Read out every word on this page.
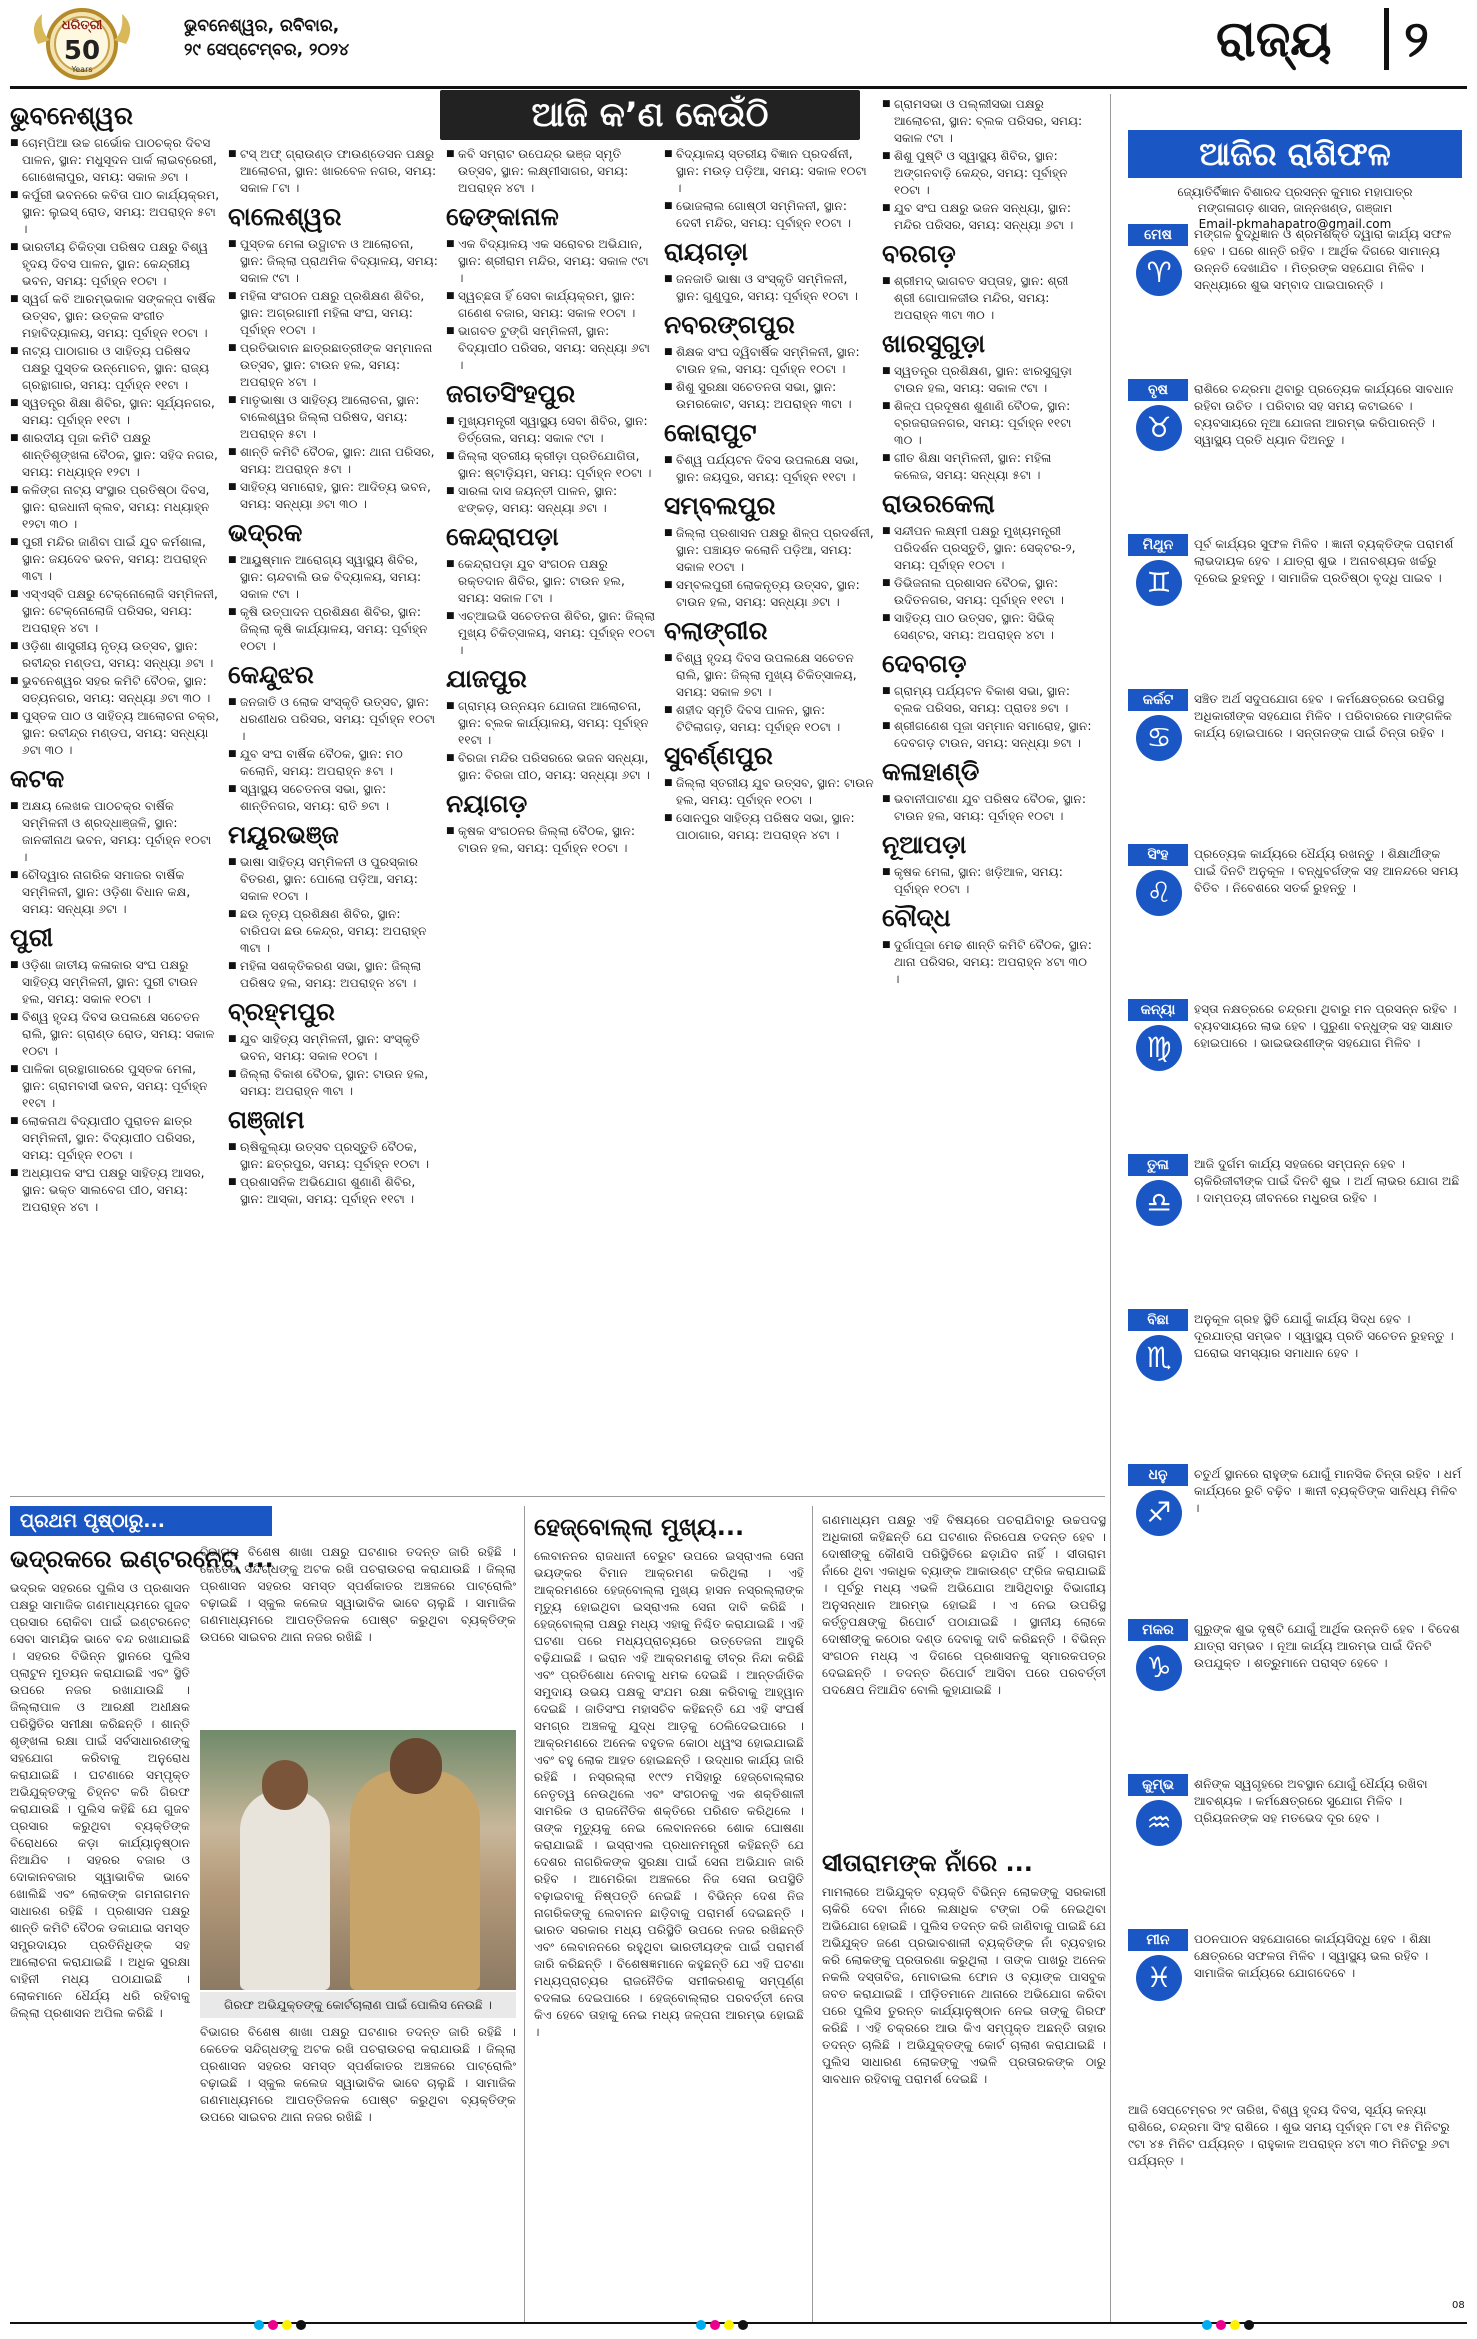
ଧରିତ୍ରୀ
50
Years
ଭୁବନେଶ୍ୱର, ରବିବାର,
୨୯ ସେପ୍ଟେମ୍ବର, ୨୦୨୪	ରାଜ୍ୟ ୨
ଆଜି କ’ଣ କେଉଁଠି
ଭୁବନେଶ୍ୱର
■ ଚୋମ୍ପିଆ ଉଚ୍ଚ ଗର୍ଭୋକ ପାଠଚକ୍ର ଦିବସ ପାଳନ, ସ୍ଥାନ: ମଧୁସୂଦନ ପାର୍କ ଲାଇବ୍ରେରୀ, ଗୋଖେଲାପୁର, ସମୟ: ସକାଳ ୬ଟା ।
■ କର୍ପୁରୀ ଭବନରେ କବିତା ପାଠ କାର୍ଯ୍ୟକ୍ରମ, ସ୍ଥାନ: ଲୁଇସ୍ ରୋଡ, ସମୟ: ଅପରାହ୍ନ ୫ଟା ।
■ ଭାରତୀୟ ଚିକିତ୍ସା ପରିଷଦ ପକ୍ଷରୁ ବିଶ୍ୱ ହୃଦୟ ଦିବସ ପାଳନ, ସ୍ଥାନ: କେନ୍ଦ୍ରୀୟ ଭବନ, ସମୟ: ପୂର୍ବାହ୍ନ ୧୦ଟା ।
■ ସ୍ୱର୍ଗ କବି ଆରମ୍ଭକାଳ ସଙ୍କଳ୍ପ ବାର୍ଷିକ ଉତ୍ସବ, ସ୍ଥାନ: ଉତ୍କଳ ସଂଗୀତ ମହାବିଦ୍ୟାଳୟ, ସମୟ: ପୂର୍ବାହ୍ନ ୧୦ଟା ।
■ ନାଟ୍ୟ ପାଠାଗାର ଓ ସାହିତ୍ୟ ପରିଷଦ ପକ୍ଷରୁ ପୁସ୍ତକ ଉନ୍ମୋଚନ, ସ୍ଥାନ: ରାଜ୍ୟ ଗ୍ରନ୍ଥାଗାର, ସମୟ: ପୂର୍ବାହ୍ନ ୧୧ଟା ।
■ ସ୍ୱତନ୍ତ୍ର ଶିକ୍ଷା ଶିବିର, ସ୍ଥାନ: ସୂର୍ଯ୍ୟନଗର, ସମୟ: ପୂର୍ବାହ୍ନ ୧୧ଟା ।
■ ଶାରଦୀୟ ପୂଜା କମିଟି ପକ୍ଷରୁ ଶାନ୍ତିଶୃଙ୍ଖଳା ବୈଠକ, ସ୍ଥାନ: ସହିଦ ନଗର, ସମୟ: ମଧ୍ୟାହ୍ନ ୧୨ଟା ।
■ କଳିଙ୍ଗ ନାଟ୍ୟ ସଂସ୍ଥାର ପ୍ରତିଷ୍ଠା ଦିବସ, ସ୍ଥାନ: ରାଜଧାନୀ କ୍ଲବ, ସମୟ: ମଧ୍ୟାହ୍ନ ୧୨ଟା ୩୦ ।
■ ପୁରୀ ମନ୍ଦିର ଜାଣିବା ପାଇଁ ଯୁବ କର୍ମଶାଳା, ସ୍ଥାନ: ଜୟଦେବ ଭବନ, ସମୟ: ଅପରାହ୍ନ ୩ଟା ।
■ ଏସ୍‌ଏସ୍‌ବି ପକ୍ଷରୁ ଟେକ୍ନୋଲୋଜି ସମ୍ମିଳନୀ, ସ୍ଥାନ: ଟେକ୍ନୋଲୋଜି ପରିସର, ସମୟ: ଅପରାହ୍ନ ୪ଟା ।
■ ଓଡ଼ିଶା ଶାସ୍ତ୍ରୀୟ ନୃତ୍ୟ ଉତ୍ସବ, ସ୍ଥାନ: ରବୀନ୍ଦ୍ର ମଣ୍ଡପ, ସମୟ: ସନ୍ଧ୍ୟା ୬ଟା ।
■ ଭୁବନେଶ୍ୱର ସହର କମିଟି ବୈଠକ, ସ୍ଥାନ: ସତ୍ୟନଗର, ସମୟ: ସନ୍ଧ୍ୟା ୬ଟା ୩୦ ।
■ ପୁସ୍ତକ ପାଠ ଓ ସାହିତ୍ୟ ଆଲୋଚନା ଚକ୍ର, ସ୍ଥାନ: ରବୀନ୍ଦ୍ର ମଣ୍ଡପ, ସମୟ: ସନ୍ଧ୍ୟା ୬ଟା ୩୦ ।
କଟକ
■ ଅକ୍ଷୟ ଲେଖକ ପାଠଚକ୍ର ବାର୍ଷିକ ସମ୍ମିଳନୀ ଓ ଶ୍ରଦ୍ଧାଞ୍ଜଳି, ସ୍ଥାନ: ଜାନକୀନାଥ ଭବନ, ସମୟ: ପୂର୍ବାହ୍ନ ୧୦ଟା ।
■ ଚୌଦ୍ୱାର ନାଗରିକ ସମାଜର ବାର୍ଷିକ ସମ୍ମିଳନୀ, ସ୍ଥାନ: ଓଡ଼ିଶା ବିଧାନ କକ୍ଷ, ସମୟ: ସନ୍ଧ୍ୟା ୬ଟା ।
ପୁରୀ
■ ଓଡ଼ିଶା ଜାତୀୟ କଳାକାର ସଂଘ ପକ୍ଷରୁ ସାହିତ୍ୟ ସମ୍ମିଳନୀ, ସ୍ଥାନ: ପୁରୀ ଟାଉନ ହଲ, ସମୟ: ସକାଳ ୧୦ଟା ।
■ ବିଶ୍ୱ ହୃଦୟ ଦିବସ ଉପଲକ୍ଷେ ସଚେତନ ରାଲି, ସ୍ଥାନ: ଗ୍ରାଣ୍ଡ ରୋଡ, ସମୟ: ସକାଳ ୧୦ଟା ।
■ ପାଳିକା ଗ୍ରନ୍ଥାଗାରରେ ପୁସ୍ତକ ମେଳା, ସ୍ଥାନ: ଗ୍ରାମବାସୀ ଭବନ, ସମୟ: ପୂର୍ବାହ୍ନ ୧୧ଟା ।
■ ଲୋକନାଥ ବିଦ୍ୟାପୀଠ ପୁରାତନ ଛାତ୍ର ସମ୍ମିଳନୀ, ସ୍ଥାନ: ବିଦ୍ୟାପୀଠ ପରିସର, ସମୟ: ପୂର୍ବାହ୍ନ ୧୦ଟା ।
■ ଅଧ୍ୟାପକ ସଂଘ ପକ୍ଷରୁ ସାହିତ୍ୟ ଆସର, ସ୍ଥାନ: ଭକ୍ତ ସାଲବେଗ ପୀଠ, ସମୟ: ଅପରାହ୍ନ ୪ଟା ।
■ ଟସ୍ ଅଫ୍ ଗ୍ରାଉଣ୍ଡ ଫାଉଣ୍ଡେସନ ପକ୍ଷରୁ ଆଲୋଚନା, ସ୍ଥାନ: ଖାରବେଳ ନଗର, ସମୟ: ସକାଳ ୮ଟା ।
ବାଲେଶ୍ୱର
■ ପୁସ୍ତକ ମେଳା ଉଦ୍ଘାଟନ ଓ ଆଲୋଚନା, ସ୍ଥାନ: ଜିଲ୍ଲା ପ୍ରାଥମିକ ବିଦ୍ୟାଳୟ, ସମୟ: ସକାଳ ୯ଟା ।
■ ମହିଳା ସଂଗଠନ ପକ୍ଷରୁ ପ୍ରଶିକ୍ଷଣ ଶିବିର, ସ୍ଥାନ: ଅଗ୍ରଗାମୀ ମହିଳା ସଂଘ, ସମୟ: ପୂର୍ବାହ୍ନ ୧୦ଟା ।
■ ପ୍ରତିଭାବାନ ଛାତ୍ରଛାତ୍ରୀଙ୍କ ସମ୍ମାନନା ଉତ୍ସବ, ସ୍ଥାନ: ଟାଉନ ହଲ, ସମୟ: ଅପରାହ୍ନ ୪ଟା ।
■ ମାତୃଭାଷା ଓ ସାହିତ୍ୟ ଆଲୋଚନା, ସ୍ଥାନ: ବାଲେଶ୍ୱର ଜିଲ୍ଲା ପରିଷଦ, ସମୟ: ଅପରାହ୍ନ ୫ଟା ।
■ ଶାନ୍ତି କମିଟି ବୈଠକ, ସ୍ଥାନ: ଥାନା ପରିସର, ସମୟ: ଅପରାହ୍ନ ୫ଟା ।
■ ସାହିତ୍ୟ ସମାରୋହ, ସ୍ଥାନ: ଆଦିତ୍ୟ ଭବନ, ସମୟ: ସନ୍ଧ୍ୟା ୬ଟା ୩୦ ।
ଭଦ୍ରକ
■ ଆୟୁଷ୍ମାନ ଆରୋଗ୍ୟ ସ୍ୱାସ୍ଥ୍ୟ ଶିବିର, ସ୍ଥାନ: ଚାନ୍ଦବାଲି ଉଚ୍ଚ ବିଦ୍ୟାଳୟ, ସମୟ: ସକାଳ ୯ଟା ।
■ କୃଷି ଉତ୍ପାଦନ ପ୍ରଶିକ୍ଷଣ ଶିବିର, ସ୍ଥାନ: ଜିଲ୍ଲା କୃଷି କାର୍ଯ୍ୟାଳୟ, ସମୟ: ପୂର୍ବାହ୍ନ ୧୦ଟା ।
କେନ୍ଦୁଝର
■ ଜନଜାତି ଓ ଲୋକ ସଂସ୍କୃତି ଉତ୍ସବ, ସ୍ଥାନ: ଧରଣୀଧର ପରିସର, ସମୟ: ପୂର୍ବାହ୍ନ ୧୦ଟା ।
■ ଯୁବ ସଂଘ ବାର୍ଷିକ ବୈଠକ, ସ୍ଥାନ: ମଠ କଲୋନି, ସମୟ: ଅପରାହ୍ନ ୫ଟା ।
■ ସ୍ୱାସ୍ଥ୍ୟ ସଚେତନତା ସଭା, ସ୍ଥାନ: ଶାନ୍ତିନଗର, ସମୟ: ରାତି ୭ଟା ।
ମୟୂରଭଞ୍ଜ
■ ଭାଷା ସାହିତ୍ୟ ସମ୍ମିଳନୀ ଓ ପୁରସ୍କାର ବିତରଣ, ସ୍ଥାନ: ପୋଲୋ ପଡ଼ିଆ, ସମୟ: ସକାଳ ୧୦ଟା ।
■ ଛଉ ନୃତ୍ୟ ପ୍ରଶିକ୍ଷଣ ଶିବିର, ସ୍ଥାନ: ବାରିପଦା ଛଉ କେନ୍ଦ୍ର, ସମୟ: ଅପରାହ୍ନ ୩ଟା ।
■ ମହିଳା ସଶକ୍ତିକରଣ ସଭା, ସ୍ଥାନ: ଜିଲ୍ଲା ପରିଷଦ ହଲ, ସମୟ: ଅପରାହ୍ନ ୪ଟା ।
ବ୍ରହ୍ମପୁର
■ ଯୁବ ସାହିତ୍ୟ ସମ୍ମିଳନୀ, ସ୍ଥାନ: ସଂସ୍କୃତି ଭବନ, ସମୟ: ସକାଳ ୧୦ଟା ।
■ ଜିଲ୍ଲା ବିକାଶ ବୈଠକ, ସ୍ଥାନ: ଟାଉନ ହଲ, ସମୟ: ଅପରାହ୍ନ ୩ଟା ।
ଗଞ୍ଜାମ
■ ଋଷିକୁଲ୍ୟା ଉତ୍ସବ ପ୍ରସ୍ତୁତି ବୈଠକ, ସ୍ଥାନ: ଛତ୍ରପୁର, ସମୟ: ପୂର୍ବାହ୍ନ ୧୦ଟା ।
■ ପ୍ରଶାସନିକ ଅଭିଯୋଗ ଶୁଣାଣି ଶିବିର, ସ୍ଥାନ: ଆସ୍କା, ସମୟ: ପୂର୍ବାହ୍ନ ୧୧ଟା ।
■ କବି ସମ୍ରାଟ ଉପେନ୍ଦ୍ର ଭଞ୍ଜ ସ୍ମୃତି ଉତ୍ସବ, ସ୍ଥାନ: ଲକ୍ଷ୍ମୀସାଗର, ସମୟ: ଅପରାହ୍ନ ୪ଟା ।
ଢେଙ୍କାନାଳ
■ ଏକ ବିଦ୍ୟାଳୟ ଏକ ସରୋବର ଅଭିଯାନ, ସ୍ଥାନ: ଶ୍ରୀରାମ ମନ୍ଦିର, ସମୟ: ସକାଳ ୯ଟା ।
■ ସ୍ୱଚ୍ଛତା ହିଁ ସେବା କାର୍ଯ୍ୟକ୍ରମ, ସ୍ଥାନ: ଗଣେଶ ବଜାର, ସମୟ: ସକାଳ ୧୦ଟା ।
■ ଭାଗବତ ଟୁଙ୍ଗି ସମ୍ମିଳନୀ, ସ୍ଥାନ: ବିଦ୍ୟାପୀଠ ପରିସର, ସମୟ: ସନ୍ଧ୍ୟା ୬ଟା ।
ଜଗତସିଂହପୁର
■ ମୁଖ୍ୟମନ୍ତ୍ରୀ ସ୍ୱାସ୍ଥ୍ୟ ସେବା ଶିବିର, ସ୍ଥାନ: ତିର୍ତ୍ତୋଲ, ସମୟ: ସକାଳ ୯ଟା ।
■ ଜିଲ୍ଲା ସ୍ତରୀୟ କ୍ରୀଡ଼ା ପ୍ରତିଯୋଗିତା, ସ୍ଥାନ: ଷ୍ଟାଡ଼ିୟମ, ସମୟ: ପୂର୍ବାହ୍ନ ୧୦ଟା ।
■ ସାରଳା ଦାସ ଜୟନ୍ତୀ ପାଳନ, ସ୍ଥାନ: ଝଙ୍କଡ଼, ସମୟ: ସନ୍ଧ୍ୟା ୬ଟା ।
କେନ୍ଦ୍ରାପଡ଼ା
■ କେନ୍ଦ୍ରାପଡ଼ା ଯୁବ ସଂଗଠନ ପକ୍ଷରୁ ରକ୍ତଦାନ ଶିବିର, ସ୍ଥାନ: ଟାଉନ ହଲ, ସମୟ: ସକାଳ ୮ଟା ।
■ ଏଚ୍ଆଇଭି ସଚେତନତା ଶିବିର, ସ୍ଥାନ: ଜିଲ୍ଲା ମୁଖ୍ୟ ଚିକିତ୍ସାଳୟ, ସମୟ: ପୂର୍ବାହ୍ନ ୧୦ଟା ।
ଯାଜପୁର
■ ଗ୍ରାମ୍ୟ ଉନ୍ନୟନ ଯୋଜନା ଆଲୋଚନା, ସ୍ଥାନ: ବ୍ଲକ କାର୍ଯ୍ୟାଳୟ, ସମୟ: ପୂର୍ବାହ୍ନ ୧୧ଟା ।
■ ବିରଜା ମନ୍ଦିର ପରିସରରେ ଭଜନ ସନ୍ଧ୍ୟା, ସ୍ଥାନ: ବିରଜା ପୀଠ, ସମୟ: ସନ୍ଧ୍ୟା ୬ଟା ।
ନୟାଗଡ଼
■ କୃଷକ ସଂଗଠନର ଜିଲ୍ଲା ବୈଠକ, ସ୍ଥାନ: ଟାଉନ ହଲ, ସମୟ: ପୂର୍ବାହ୍ନ ୧୦ଟା ।
■ ବିଦ୍ୟାଳୟ ସ୍ତରୀୟ ବିଜ୍ଞାନ ପ୍ରଦର୍ଶନୀ, ସ୍ଥାନ: ମଉଡ଼ ପଡ଼ିଆ, ସମୟ: ସକାଳ ୧୦ଟା ।
■ ଭୋଜଲାଲ ଗୋଷ୍ଠୀ ସମ୍ମିଳନୀ, ସ୍ଥାନ: ଦେବୀ ମନ୍ଦିର, ସମୟ: ପୂର୍ବାହ୍ନ ୧୦ଟା ।
ରାୟଗଡ଼ା
■ ଜନଜାତି ଭାଷା ଓ ସଂସ୍କୃତି ସମ୍ମିଳନୀ, ସ୍ଥାନ: ଗୁଣୁପୁର, ସମୟ: ପୂର୍ବାହ୍ନ ୧୦ଟା ।
ନବରଙ୍ଗପୁର
■ ଶିକ୍ଷକ ସଂଘ ଦ୍ୱିବାର୍ଷିକ ସମ୍ମିଳନୀ, ସ୍ଥାନ: ଟାଉନ ହଲ, ସମୟ: ପୂର୍ବାହ୍ନ ୧୦ଟା ।
■ ଶିଶୁ ସୁରକ୍ଷା ସଚେତନତା ସଭା, ସ୍ଥାନ: ଉମରକୋଟ, ସମୟ: ଅପରାହ୍ନ ୩ଟା ।
କୋରାପୁଟ
■ ବିଶ୍ୱ ପର୍ଯ୍ୟଟନ ଦିବସ ଉପଲକ୍ଷେ ସଭା, ସ୍ଥାନ: ଜୟପୁର, ସମୟ: ପୂର୍ବାହ୍ନ ୧୧ଟା ।
ସମ୍ବଲପୁର
■ ଜିଲ୍ଲା ପ୍ରଶାସନ ପକ୍ଷରୁ ଶିଳ୍ପ ପ୍ରଦର୍ଶନୀ, ସ୍ଥାନ: ପଞ୍ଚାୟତ କଲୋନି ପଡ଼ିଆ, ସମୟ: ସକାଳ ୧୦ଟା ।
■ ସମ୍ବଲପୁରୀ ଲୋକନୃତ୍ୟ ଉତ୍ସବ, ସ୍ଥାନ: ଟାଉନ ହଲ, ସମୟ: ସନ୍ଧ୍ୟା ୬ଟା ।
ବଲାଙ୍ଗୀର
■ ବିଶ୍ୱ ହୃଦୟ ଦିବସ ଉପଲକ୍ଷେ ସଚେତନ ରାଲି, ସ୍ଥାନ: ଜିଲ୍ଲା ମୁଖ୍ୟ ଚିକିତ୍ସାଳୟ, ସମୟ: ସକାଳ ୭ଟା ।
■ ଶହୀଦ ସ୍ମୃତି ଦିବସ ପାଳନ, ସ୍ଥାନ: ଟିଟିଲାଗଡ଼, ସମୟ: ପୂର୍ବାହ୍ନ ୧୦ଟା ।
ସୁବର୍ଣ୍ଣପୁର
■ ଜିଲ୍ଲା ସ୍ତରୀୟ ଯୁବ ଉତ୍ସବ, ସ୍ଥାନ: ଟାଉନ ହଲ, ସମୟ: ପୂର୍ବାହ୍ନ ୧୦ଟା ।
■ ସୋନପୁର ସାହିତ୍ୟ ପରିଷଦ ସଭା, ସ୍ଥାନ: ପାଠାଗାର, ସମୟ: ଅପରାହ୍ନ ୪ଟା ।
■ ଗ୍ରାମସଭା ଓ ପଲ୍ଲୀସଭା ପକ୍ଷରୁ ଆଲୋଚନା, ସ୍ଥାନ: ବ୍ଲକ ପରିସର, ସମୟ: ସକାଳ ୯ଟା ।
■ ଶିଶୁ ପୁଷ୍ଟି ଓ ସ୍ୱାସ୍ଥ୍ୟ ଶିବିର, ସ୍ଥାନ: ଅଙ୍ଗନବାଡ଼ି କେନ୍ଦ୍ର, ସମୟ: ପୂର୍ବାହ୍ନ ୧୦ଟା ।
■ ଯୁବ ସଂଘ ପକ୍ଷରୁ ଭଜନ ସନ୍ଧ୍ୟା, ସ୍ଥାନ: ମନ୍ଦିର ପରିସର, ସମୟ: ସନ୍ଧ୍ୟା ୬ଟା ।
ବରଗଡ଼
■ ଶ୍ରୀମଦ୍ ଭାଗବତ ସପ୍ତାହ, ସ୍ଥାନ: ଶ୍ରୀ ଶ୍ରୀ ଗୋପାଳଜୀଉ ମନ୍ଦିର, ସମୟ: ଅପରାହ୍ନ ୩ଟା ୩୦ ।
ଖାରସୁଗୁଡ଼ା
■ ସ୍ୱତନ୍ତ୍ର ପ୍ରଶିକ୍ଷଣ, ସ୍ଥାନ: ଝାରସୁଗୁଡ଼ା ଟାଉନ ହଲ, ସମୟ: ସକାଳ ୯ଟା ।
■ ଶିଳ୍ପ ପ୍ରଦୂଷଣ ଶୁଣାଣି ବୈଠକ, ସ୍ଥାନ: ବ୍ରଜରାଜନଗର, ସମୟ: ପୂର୍ବାହ୍ନ ୧୧ଟା ୩୦ ।
■ ଗୀତ ଶିକ୍ଷା ସମ୍ମିଳନୀ, ସ୍ଥାନ: ମହିଳା କଲେଜ, ସମୟ: ସନ୍ଧ୍ୟା ୫ଟା ।
ରାଉରକେଲା
■ ସନ୍ଦୀପନ ଲକ୍ଷ୍ମୀ ପକ୍ଷରୁ ମୁଖ୍ୟମନ୍ତ୍ରୀ ପରିଦର୍ଶନ ପ୍ରସ୍ତୁତି, ସ୍ଥାନ: ସେକ୍ଟର-୨, ସମୟ: ପୂର୍ବାହ୍ନ ୧୦ଟା ।
■ ଡିଭିଜନାଲ ପ୍ରଶାସନ ବୈଠକ, ସ୍ଥାନ: ଉଦିତନଗର, ସମୟ: ପୂର୍ବାହ୍ନ ୧୧ଟା ।
■ ସାହିତ୍ୟ ପାଠ ଉତ୍ସବ, ସ୍ଥାନ: ସିଭିକ୍ ସେଣ୍ଟର, ସମୟ: ଅପରାହ୍ନ ୪ଟା ।
ଦେବଗଡ଼
■ ଗ୍ରାମ୍ୟ ପର୍ଯ୍ୟଟନ ବିକାଶ ସଭା, ସ୍ଥାନ: ବ୍ଲକ ପରିସର, ସମୟ: ପ୍ରାତଃ ୭ଟା ।
■ ଶ୍ରୀଗଣେଶ ପୂଜା ସମ୍ମାନ ସମାରୋହ, ସ୍ଥାନ: ଦେବଗଡ଼ ଟାଉନ, ସମୟ: ସନ୍ଧ୍ୟା ୭ଟା ।
କଳାହାଣ୍ଡି
■ ଭବାନୀପାଟଣା ଯୁବ ପରିଷଦ ବୈଠକ, ସ୍ଥାନ: ଟାଉନ ହଲ, ସମୟ: ପୂର୍ବାହ୍ନ ୧୦ଟା ।
ନୂଆପଡ଼ା
■ କୃଷକ ମେଳା, ସ୍ଥାନ: ଖଡ଼ିଆଳ, ସମୟ: ପୂର୍ବାହ୍ନ ୧୦ଟା ।
ବୌଦ୍ଧ
■ ଦୁର୍ଗାପୂଜା ମେଢ ଶାନ୍ତି କମିଟି ବୈଠକ, ସ୍ଥାନ: ଥାନା ପରିସର, ସମୟ: ଅପରାହ୍ନ ୪ଟା ୩୦ ।
ଆଜିର ରାଶିଫଳ
ଜ୍ୟୋତିର୍ବିଜ୍ଞାନ ବିଶାରଦ ପ୍ରସନ୍ନ କୁମାର ମହାପାତ୍ର
ମଙ୍ଗଳାଗଡ଼ ଶାସନ, ଜାନ୍ନ‌ଖଣ୍ଡ, ଗଞ୍ଜାମ
Email-pkmahapatro@gmail.com
ମେଷ
♈
ମଙ୍ଗଳ ବୁଦ୍ଧିଜ୍ଞାନ ଓ ଶ୍ରମଶକ୍ତି ଦ୍ୱାରା କାର୍ଯ୍ୟ ସଫଳ ହେବ । ଘରେ ଶାନ୍ତି ରହିବ । ଆର୍ଥିକ ଦିଗରେ ସାମାନ୍ୟ ଉନ୍ନତି ଦେଖାଯିବ । ମିତ୍ରଙ୍କ ସହଯୋଗ ମିଳିବ । ସନ୍ଧ୍ୟାରେ ଶୁଭ ସମ୍ବାଦ ପାଇପାରନ୍ତି ।
ବୃଷ
♉
ରାଶିରେ ଚନ୍ଦ୍ରମା ଥିବାରୁ ପ୍ରତ୍ୟେକ କାର୍ଯ୍ୟରେ ସାବଧାନ ରହିବା ଉଚିତ । ପରିବାର ସହ ସମୟ କଟାଇବେ । ବ୍ୟବସାୟରେ ନୂଆ ଯୋଜନା ଆରମ୍ଭ କରିପାରନ୍ତି । ସ୍ୱାସ୍ଥ୍ୟ ପ୍ରତି ଧ୍ୟାନ ଦିଅନ୍ତୁ ।
ମିଥୁନ
♊
ପୂର୍ବ କାର୍ଯ୍ୟର ସୁଫଳ ମିଳିବ । ଜ୍ଞାନୀ ବ୍ୟକ୍ତିଙ୍କ ପରାମର୍ଶ ଲାଭଦାୟକ ହେବ । ଯାତ୍ରା ଶୁଭ । ଅନାବଶ୍ୟକ ଖର୍ଚ୍ଚରୁ ଦୂରେଇ ରୁହନ୍ତୁ । ସାମାଜିକ ପ୍ରତିଷ୍ଠା ବୃଦ୍ଧି ପାଇବ ।
କର୍କଟ
♋
ସଞ୍ଚିତ ଅର୍ଥ ସଦୁପଯୋଗ ହେବ । କର୍ମକ୍ଷେତ୍ରରେ ଉପରିସ୍ଥ ଅଧିକାରୀଙ୍କ ସହଯୋଗ ମିଳିବ । ପରିବାରରେ ମାଙ୍ଗଳିକ କାର୍ଯ୍ୟ ହୋଇପାରେ । ସନ୍ତାନଙ୍କ ପାଇଁ ଚିନ୍ତା ରହିବ ।
ସିଂହ
♌
ପ୍ରତ୍ୟେକ କାର୍ଯ୍ୟରେ ଧୈର୍ଯ୍ୟ ରଖନ୍ତୁ । ଶିକ୍ଷାର୍ଥୀଙ୍କ ପାଇଁ ଦିନଟି ଅନୁକୂଳ । ବନ୍ଧୁବର୍ଗଙ୍କ ସହ ଆନନ୍ଦରେ ସମୟ ବିତିବ । ନିବେଶରେ ସତର୍କ ରୁହନ୍ତୁ ।
କନ୍ୟା
♍
ହସ୍ତା ନକ୍ଷତ୍ରରେ ଚନ୍ଦ୍ରମା ଥିବାରୁ ମନ ପ୍ରସନ୍ନ ରହିବ । ବ୍ୟବସାୟରେ ଲାଭ ହେବ । ପୁରୁଣା ବନ୍ଧୁଙ୍କ ସହ ସାକ୍ଷାତ ହୋଇପାରେ । ଭାଇଭଉଣୀଙ୍କ ସହଯୋଗ ମିଳିବ ।
ତୁଳା
♎
ଆଜି ଦୁର୍ଗମ କାର୍ଯ୍ୟ ସହଜରେ ସମ୍ପନ୍ନ ହେବ । ଚାକିରିଜୀବୀଙ୍କ ପାଇଁ ଦିନଟି ଶୁଭ । ଅର୍ଥ ଲାଭର ଯୋଗ ଅଛି । ଦାମ୍ପତ୍ୟ ଜୀବନରେ ମଧୁରତା ରହିବ ।
ବିଛା
♏
ଅନୁକୂଳ ଗ୍ରହ ସ୍ଥିତି ଯୋଗୁଁ କାର୍ଯ୍ୟ ସିଦ୍ଧ ହେବ । ଦୂରଯାତ୍ରା ସମ୍ଭବ । ସ୍ୱାସ୍ଥ୍ୟ ପ୍ରତି ସଚେତନ ରୁହନ୍ତୁ । ଘରୋଇ ସମସ୍ୟାର ସମାଧାନ ହେବ ।
ଧନୁ
♐
ଚତୁର୍ଥ ସ୍ଥାନରେ ରାହୁଙ୍କ ଯୋଗୁଁ ମାନସିକ ଚିନ୍ତା ରହିବ । ଧର୍ମ କାର୍ଯ୍ୟରେ ରୁଚି ବଢ଼ିବ । ଜ୍ଞାନୀ ବ୍ୟକ୍ତିଙ୍କ ସାନିଧ୍ୟ ମିଳିବ ।
ମକର
♑
ଗୁରୁଙ୍କ ଶୁଭ ଦୃଷ୍ଟି ଯୋଗୁଁ ଆର୍ଥିକ ଉନ୍ନତି ହେବ । ବିଦେଶ ଯାତ୍ରା ସମ୍ଭବ । ନୂଆ କାର୍ଯ୍ୟ ଆରମ୍ଭ ପାଇଁ ଦିନଟି ଉପଯୁକ୍ତ । ଶତ୍ରୁମାନେ ପରାସ୍ତ ହେବେ ।
କୁମ୍ଭ
♒
ଶନିଙ୍କ ସ୍ୱଗୃହରେ ଅବସ୍ଥାନ ଯୋଗୁଁ ଧୈର୍ଯ୍ୟ ରଖିବା ଆବଶ୍ୟକ । କର୍ମକ୍ଷେତ୍ରରେ ସୁଯୋଗ ମିଳିବ । ପ୍ରିୟଜନଙ୍କ ସହ ମତଭେଦ ଦୂର ହେବ ।
ମୀନ
♓
ପଠନପାଠନ ସହଯୋଗରେ କାର୍ଯ୍ୟସିଦ୍ଧି ହେବ । ଶିକ୍ଷା କ୍ଷେତ୍ରରେ ସଫଳତା ମିଳିବ । ସ୍ୱାସ୍ଥ୍ୟ ଭଲ ରହିବ । ସାମାଜିକ କାର୍ଯ୍ୟରେ ଯୋଗଦେବେ ।
ଆଜି ସେପ୍ଟେମ୍ବର ୨୯ ତାରିଖ, ବିଶ୍ୱ ହୃଦୟ ଦିବସ, ସୂର୍ଯ୍ୟ କନ୍ୟା ରାଶିରେ, ଚନ୍ଦ୍ରମା ସିଂହ ରାଶିରେ । ଶୁଭ ସମୟ ପୂର୍ବାହ୍ନ ୮ଟା ୧୫ ମିନିଟରୁ ୯ଟା ୪୫ ମିନିଟ ପର୍ଯ୍ୟନ୍ତ । ରାହୁକାଳ ଅପରାହ୍ନ ୪ଟା ୩୦ ମିନିଟରୁ ୬ଟା ପର୍ଯ୍ୟନ୍ତ ।
ପ୍ରଥମ ପୃଷ୍ଠାରୁ...
ଭଦ୍ରକରେ ଇଣ୍ଟରନେଟ୍ ...
ଭଦ୍ରକ ସହରରେ ପୁଲିସ ଓ ପ୍ରଶାସନ ପକ୍ଷରୁ ସାମାଜିକ ଗଣମାଧ୍ୟମରେ ଗୁଜବ ପ୍ରସାର ରୋକିବା ପାଇଁ ଇଣ୍ଟରନେଟ୍ ସେବା ସାମୟିକ ଭାବେ ବନ୍ଦ ରଖାଯାଇଛି । ସହରର ବିଭିନ୍ନ ସ୍ଥାନରେ ପୁଲିସ ପ୍ଲାଟୁନ ମୁତୟନ କରାଯାଇଛି ଏବଂ ସ୍ଥିତି ଉପରେ ନଜର ରଖାଯାଉଛି । ଜିଲ୍ଲାପାଳ ଓ ଆରକ୍ଷୀ ଅଧୀକ୍ଷକ ପରିସ୍ଥିତିର ସମୀକ୍ଷା କରିଛନ୍ତି । ଶାନ୍ତି ଶୃଙ୍ଖଳା ରକ୍ଷା ପାଇଁ ସର୍ବସାଧାରଣଙ୍କୁ ସହଯୋଗ କରିବାକୁ ଅନୁରୋଧ କରାଯାଇଛି । ଘଟଣାରେ ସମ୍ପୃକ୍ତ ଅଭିଯୁକ୍ତଙ୍କୁ ଚିହ୍ନଟ କରି ଗିରଫ କରାଯାଉଛି । ପୁଲିସ କହିଛି ଯେ ଗୁଜବ ପ୍ରସାର କରୁଥିବା ବ୍ୟକ୍ତିଙ୍କ ବିରୋଧରେ କଡ଼ା କାର୍ଯ୍ୟାନୁଷ୍ଠାନ ନିଆଯିବ । ସହରର ବଜାର ଓ ଦୋକାନବଜାର ସ୍ୱାଭାବିକ ଭାବେ ଖୋଲିଛି ଏବଂ ଲୋକଙ୍କ ଗମନାଗମନ ସାଧାରଣ ରହିଛି । ପ୍ରଶାସନ ପକ୍ଷରୁ ଶାନ୍ତି କମିଟି ବୈଠକ ଡକାଯାଇ ସମସ୍ତ ସମ୍ପ୍ରଦାୟର ପ୍ରତିନିଧିଙ୍କ ସହ ଆଲୋଚନା କରାଯାଇଛି । ଅଧିକ ସୁରକ୍ଷା ବାହିନୀ ମଧ୍ୟ ପଠାଯାଇଛି । ଲୋକମାନେ ଧୈର୍ଯ୍ୟ ଧରି ରହିବାକୁ ଜିଲ୍ଲା ପ୍ରଶାସନ ଅପିଲ କରିଛି ।
ବିଭାଗର ବିଶେଷ ଶାଖା ପକ୍ଷରୁ ଘଟଣାର ତଦନ୍ତ ଜାରି ରହିଛି । କେତେକ ସନ୍ଦିଗ୍ଧଙ୍କୁ ଅଟକ ରଖି ପଚରାଉଚରା କରାଯାଉଛି । ଜିଲ୍ଲା ପ୍ରଶାସନ ସହରର ସମସ୍ତ ସ୍ପର୍ଶକାତର ଅଞ୍ଚଳରେ ପାଟ୍ରୋଲିଂ ବଢ଼ାଇଛି । ସ୍କୁଲ କଲେଜ ସ୍ୱାଭାବିକ ଭାବେ ଚାଲୁଛି । ସାମାଜିକ ଗଣମାଧ୍ୟମରେ ଆପତ୍ତିଜନକ ପୋଷ୍ଟ କରୁଥିବା ବ୍ୟକ୍ତିଙ୍କ ଉପରେ ସାଇବର ଥାନା ନଜର ରଖିଛି ।
ଗିରଫ ଅଭିଯୁକ୍ତଙ୍କୁ କୋର୍ଟଚାଲାଣ ପାଇଁ ପୋଲିସ ନେଉଛି ।
ବିଭାଗର ବିଶେଷ ଶାଖା ପକ୍ଷରୁ ଘଟଣାର ତଦନ୍ତ ଜାରି ରହିଛି । କେତେକ ସନ୍ଦିଗ୍ଧଙ୍କୁ ଅଟକ ରଖି ପଚରାଉଚରା କରାଯାଉଛି । ଜିଲ୍ଲା ପ୍ରଶାସନ ସହରର ସମସ୍ତ ସ୍ପର୍ଶକାତର ଅଞ୍ଚଳରେ ପାଟ୍ରୋଲିଂ ବଢ଼ାଇଛି । ସ୍କୁଲ କଲେଜ ସ୍ୱାଭାବିକ ଭାବେ ଚାଲୁଛି । ସାମାଜିକ ଗଣମାଧ୍ୟମରେ ଆପତ୍ତିଜନକ ପୋଷ୍ଟ କରୁଥିବା ବ୍ୟକ୍ତିଙ୍କ ଉପରେ ସାଇବର ଥାନା ନଜର ରଖିଛି ।
ହେଜ୍‌ବୋଲ୍ଲା ମୁଖ୍ୟ...
ଲେବାନନର ରାଜଧାନୀ ବେରୁଟ ଉପରେ ଇସ୍ରାଏଲ ସେନା ଭୟଙ୍କର ବିମାନ ଆକ୍ରମଣ କରିଥିଲା । ଏହି ଆକ୍ରମଣରେ ହେଜ୍‌ବୋଲ୍ଲା ମୁଖ୍ୟ ହାସନ ନସ୍‌ରଲ୍ଲାଙ୍କ ମୃତ୍ୟୁ ହୋଇଥିବା ଇସ୍ରାଏଲ ସେନା ଦାବି କରିଛି । ହେଜ୍‌ବୋଲ୍ଲା ପକ୍ଷରୁ ମଧ୍ୟ ଏହାକୁ ନିଶ୍ଚିତ କରାଯାଇଛି । ଏହି ଘଟଣା ପରେ ମଧ୍ୟପ୍ରାଚ୍ୟରେ ଉତ୍ତେଜନା ଆହୁରି ବଢ଼ିଯାଇଛି । ଇରାନ ଏହି ଆକ୍ରମଣକୁ ତୀବ୍ର ନିନ୍ଦା କରିଛି ଏବଂ ପ୍ରତିଶୋଧ ନେବାକୁ ଧମକ ଦେଇଛି । ଆନ୍ତର୍ଜାତିକ ସମୁଦାୟ ଉଭୟ ପକ୍ଷକୁ ସଂଯମ ରକ୍ଷା କରିବାକୁ ଆହ୍ୱାନ ଦେଇଛି । ଜାତିସଂଘ ମହାସଚିବ କହିଛନ୍ତି ଯେ ଏହି ସଂଘର୍ଷ ସମଗ୍ର ଅଞ୍ଚଳକୁ ଯୁଦ୍ଧ ଆଡ଼କୁ ଠେଲିଦେଇପାରେ । ଆକ୍ରମଣରେ ଅନେକ ବହୁତଳ କୋଠା ଧ୍ୱଂସ ହୋଇଯାଇଛି ଏବଂ ବହୁ ଲୋକ ଆହତ ହୋଇଛନ୍ତି । ଉଦ୍ଧାର କାର୍ଯ୍ୟ ଜାରି ରହିଛି । ନସ୍‌ରଲ୍ଲା ୧୯୯୨ ମସିହାରୁ ହେଜ୍‌ବୋଲ୍ଲାର ନେତୃତ୍ୱ ନେଉଥିଲେ ଏବଂ ସଂଗଠନକୁ ଏକ ଶକ୍ତିଶାଳୀ ସାମରିକ ଓ ରାଜନୈତିକ ଶକ୍ତିରେ ପରିଣତ କରିଥିଲେ । ତାଙ୍କ ମୃତ୍ୟୁକୁ ନେଇ ଲେବାନନରେ ଶୋକ ଘୋଷଣା କରାଯାଇଛି । ଇସ୍ରାଏଲ ପ୍ରଧାନମନ୍ତ୍ରୀ କହିଛନ୍ତି ଯେ ଦେଶର ନାଗରିକଙ୍କ ସୁରକ୍ଷା ପାଇଁ ସେନା ଅଭିଯାନ ଜାରି ରହିବ । ଆମେରିକା ଅଞ୍ଚଳରେ ନିଜ ସେନା ଉପସ୍ଥିତି ବଢ଼ାଇବାକୁ ନିଷ୍ପତ୍ତି ନେଇଛି । ବିଭିନ୍ନ ଦେଶ ନିଜ ନାଗରିକଙ୍କୁ ଲେବାନନ ଛାଡ଼ିବାକୁ ପରାମର୍ଶ ଦେଇଛନ୍ତି । ଭାରତ ସରକାର ମଧ୍ୟ ପରିସ୍ଥିତି ଉପରେ ନଜର ରଖିଛନ୍ତି ଏବଂ ଲେବାନନରେ ରହୁଥିବା ଭାରତୀୟଙ୍କ ପାଇଁ ପରାମର୍ଶ ଜାରି କରିଛନ୍ତି । ବିଶେଷଜ୍ଞମାନେ କହୁଛନ୍ତି ଯେ ଏହି ଘଟଣା ମଧ୍ୟପ୍ରାଚ୍ୟର ରାଜନୈତିକ ସମୀକରଣକୁ ସମ୍ପୂର୍ଣ୍ଣ ବଦଳାଇ ଦେଇପାରେ । ହେଜ୍‌ବୋଲ୍ଲାର ପରବର୍ତ୍ତୀ ନେତା କିଏ ହେବେ ତାହାକୁ ନେଇ ମଧ୍ୟ ଜଳ୍ପନା ଆରମ୍ଭ ହୋଇଛି ।
ଗଣମାଧ୍ୟମ ପକ୍ଷରୁ ଏହି ବିଷୟରେ ପଚରାଯିବାରୁ ଉଚ୍ଚପଦସ୍ଥ ଅଧିକାରୀ କହିଛନ୍ତି ଯେ ଘଟଣାର ନିରପେକ୍ଷ ତଦନ୍ତ ହେବ । ଦୋଷୀଙ୍କୁ କୌଣସି ପରିସ୍ଥିତିରେ ଛଡ଼ାଯିବ ନାହିଁ । ସୀତାରାମ ନାଁରେ ଥିବା ଏକାଧିକ ବ୍ୟାଙ୍କ ଆକାଉଣ୍ଟ ଫ୍ରିଜ କରାଯାଇଛି । ପୂର୍ବରୁ ମଧ୍ୟ ଏଭଳି ଅଭିଯୋଗ ଆସିଥିବାରୁ ବିଭାଗୀୟ ଅନୁସନ୍ଧାନ ଆରମ୍ଭ ହୋଇଛି । ଏ ନେଇ ଉପରିସ୍ଥ କର୍ତ୍ତୃପକ୍ଷଙ୍କୁ ରିପୋର୍ଟ ପଠାଯାଇଛି । ସ୍ଥାନୀୟ ଲୋକେ ଦୋଷୀଙ୍କୁ କଠୋର ଦଣ୍ଡ ଦେବାକୁ ଦାବି କରିଛନ୍ତି । ବିଭିନ୍ନ ସଂଗଠନ ମଧ୍ୟ ଏ ଦିଗରେ ପ୍ରଶାସନକୁ ସ୍ମାରକପତ୍ର ଦେଇଛନ୍ତି । ତଦନ୍ତ ରିପୋର୍ଟ ଆସିବା ପରେ ପରବର୍ତ୍ତୀ ପଦକ୍ଷେପ ନିଆଯିବ ବୋଲି କୁହାଯାଇଛି ।
ସୀତାରାମଙ୍କ ନାଁରେ ...
ମାମଲାରେ ଅଭିଯୁକ୍ତ ବ୍ୟକ୍ତି ବିଭିନ୍ନ ଲୋକଙ୍କୁ ସରକାରୀ ଚାକିରି ଦେବା ନାଁରେ ଲକ୍ଷାଧିକ ଟଙ୍କା ଠକି ନେଇଥିବା ଅଭିଯୋଗ ହୋଇଛି । ପୁଲିସ ତଦନ୍ତ କରି ଜାଣିବାକୁ ପାଇଛି ଯେ ଅଭିଯୁକ୍ତ ଜଣେ ପ୍ରଭାବଶାଳୀ ବ୍ୟକ୍ତିଙ୍କ ନାଁ ବ୍ୟବହାର କରି ଲୋକଙ୍କୁ ପ୍ରତାରଣା କରୁଥିଲା । ତାଙ୍କ ପାଖରୁ ଅନେକ ନକଲି ଦସ୍ତାବିଜ, ମୋବାଇଲ ଫୋନ ଓ ବ୍ୟାଙ୍କ ପାସବୁକ ଜବତ କରାଯାଇଛି । ପୀଡ଼ିତମାନେ ଥାନାରେ ଅଭିଯୋଗ କରିବା ପରେ ପୁଲିସ ତୁରନ୍ତ କାର୍ଯ୍ୟାନୁଷ୍ଠାନ ନେଇ ତାଙ୍କୁ ଗିରଫ କରିଛି । ଏହି ଚକ୍ରରେ ଆଉ କିଏ ସମ୍ପୃକ୍ତ ଅଛନ୍ତି ତାହାର ତଦନ୍ତ ଚାଲିଛି । ଅଭିଯୁକ୍ତଙ୍କୁ କୋର୍ଟ ଚାଲାଣ କରାଯାଇଛି । ପୁଲିସ ସାଧାରଣ ଲୋକଙ୍କୁ ଏଭଳି ପ୍ରତାରକଙ୍କ ଠାରୁ ସାବଧାନ ରହିବାକୁ ପରାମର୍ଶ ଦେଇଛି ।
08
